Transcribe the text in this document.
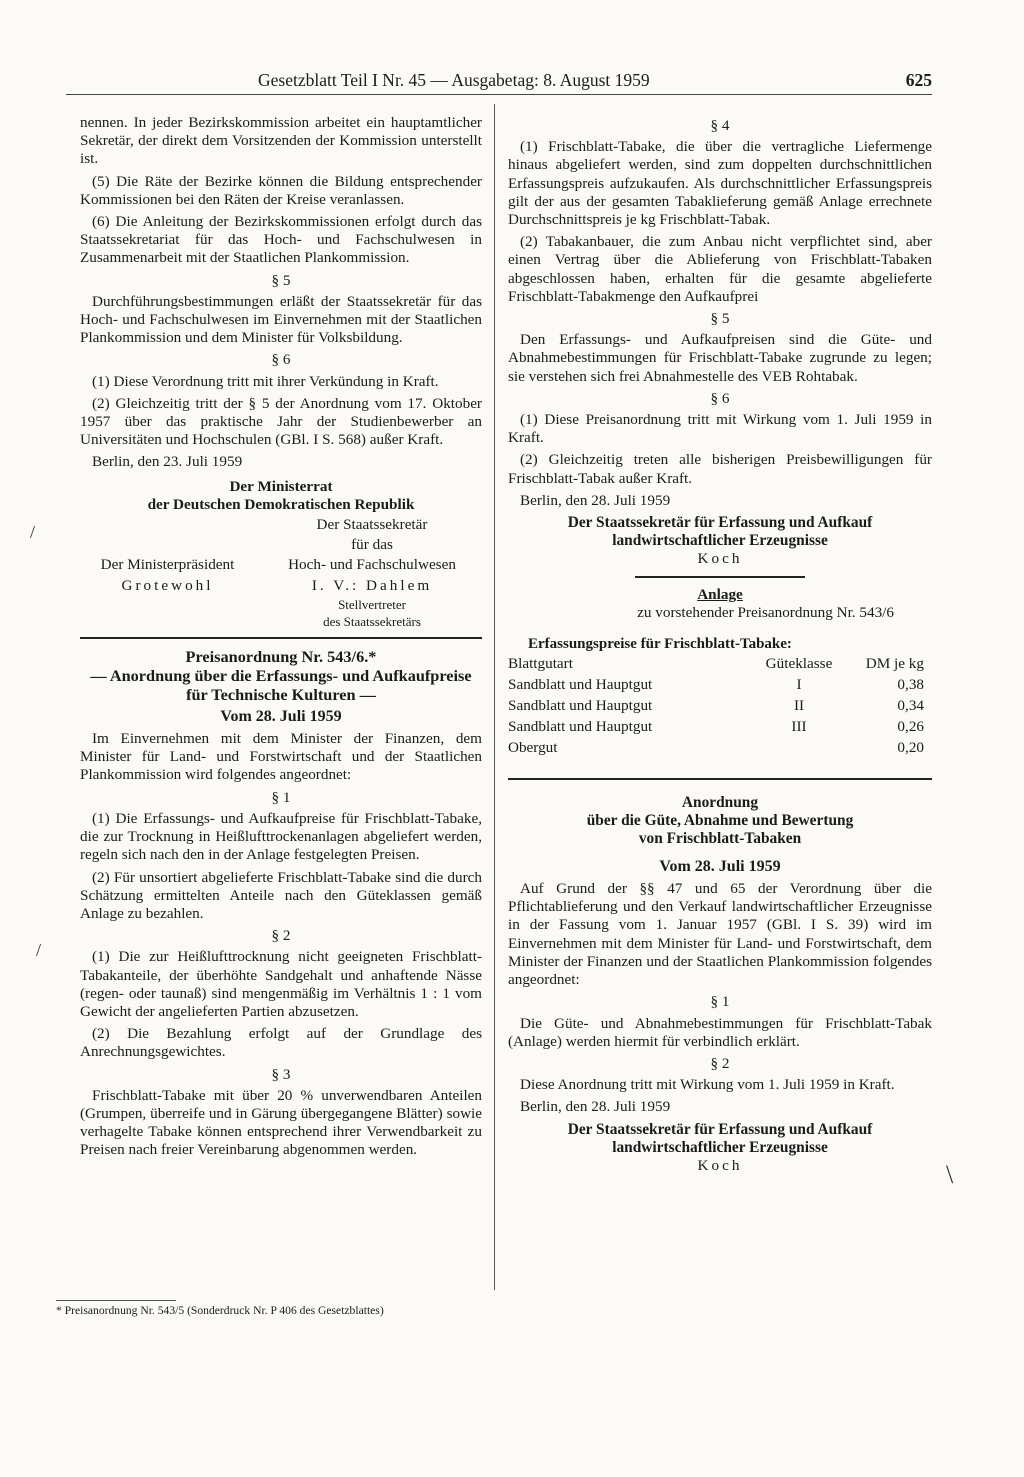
Gesetzblatt Teil I Nr. 45 — Ausgabetag: 8. August 1959	625

nennen. In jeder Bezirkskommission arbeitet ein hauptamtlicher Sekretär, der direkt dem Vorsitzenden der Kommission unterstellt ist.

(5) Die Räte der Bezirke können die Bildung entsprechender Kommissionen bei den Räten der Kreise veranlassen.

(6) Die Anleitung der Bezirkskommissionen erfolgt durch das Staatssekretariat für das Hoch- und Fachschulwesen in Zusammenarbeit mit der Staatlichen Plankommission.

§ 5

Durchführungsbestimmungen erläßt der Staatssekretär für das Hoch- und Fachschulwesen im Einvernehmen mit der Staatlichen Plankommission und dem Minister für Volksbildung.

§ 6

(1) Diese Verordnung tritt mit ihrer Verkündung in Kraft.

(2) Gleichzeitig tritt der § 5 der Anordnung vom 17. Oktober 1957 über das praktische Jahr der Studienbewerber an Universitäten und Hochschulen (GBl. I S. 568) außer Kraft.

Berlin, den 23. Juli 1959

Der Ministerrat
der Deutschen Demokratischen Republik
Der Staatssekretär
für das
Der Ministerpräsident	Hoch- und Fachschulwesen
Grotewohl	I. V.: Dahlem
Stellvertreter
des Staatssekretärs
Preisanordnung Nr. 543/6.*
— Anordnung über die Erfassungs- und Aufkaufpreise für Technische Kulturen —
Vom 28. Juli 1959

Im Einvernehmen mit dem Minister der Finanzen, dem Minister für Land- und Forstwirtschaft und der Staatlichen Plankommission wird folgendes angeordnet:

§ 1

(1) Die Erfassungs- und Aufkaufpreise für Frischblatt-Tabake, die zur Trocknung in Heißlufttrockenanlagen abgeliefert werden, regeln sich nach den in der Anlage festgelegten Preisen.

(2) Für unsortiert abgelieferte Frischblatt-Tabake sind die durch Schätzung ermittelten Anteile nach den Güteklassen gemäß Anlage zu bezahlen.

§ 2

(1) Die zur Heißlufttrocknung nicht geeigneten Frischblatt-Tabakanteile, der überhöhte Sandgehalt und anhaftende Nässe (regen- oder taunaß) sind mengenmäßig im Verhältnis 1 : 1 vom Gewicht der angelieferten Partien abzusetzen.

(2) Die Bezahlung erfolgt auf der Grundlage des Anrechnungsgewichtes.

§ 3

Frischblatt-Tabake mit über 20 % unverwendbaren Anteilen (Grumpen, überreife und in Gärung übergegangene Blätter) sowie verhagelte Tabake können entsprechend ihrer Verwendbarkeit zu Preisen nach freier Vereinbarung abgenommen werden.

* Preisanordnung Nr. 543/5 (Sonderdruck Nr. P 406 des Gesetzblattes)
§ 4

(1) Frischblatt-Tabake, die über die vertragliche Liefermenge hinaus abgeliefert werden, sind zum doppelten durchschnittlichen Erfassungspreis aufzukaufen. Als durchschnittlicher Erfassungspreis gilt der aus der gesamten Tabaklieferung gemäß Anlage errechnete Durchschnittspreis je kg Frischblatt-Tabak.

(2) Tabakanbauer, die zum Anbau nicht verpflichtet sind, aber einen Vertrag über die Ablieferung von Frischblatt-Tabaken abgeschlossen haben, erhalten für die gesamte abgelieferte Frischblatt-Tabakmenge den Aufkaufprei

§ 5

Den Erfassungs- und Aufkaufpreisen sind die Güte- und Abnahmebestimmungen für Frischblatt-Tabake zugrunde zu legen; sie verstehen sich frei Abnahmestelle des VEB Rohtabak.

§ 6

(1) Diese Preisanordnung tritt mit Wirkung vom 1. Juli 1959 in Kraft.

(2) Gleichzeitig treten alle bisherigen Preisbewilligungen für Frischblatt-Tabak außer Kraft.

Berlin, den 28. Juli 1959

Der Staatssekretär für Erfassung und Aufkauf
landwirtschaftlicher Erzeugnisse
Koch
Anlage
zu vorstehender Preisanordnung Nr. 543/6
Erfassungspreise für Frischblatt-Tabake:
Blattgutart	Güteklasse	DM je kg
Sandblatt und Hauptgut	I	0,38
Sandblatt und Hauptgut	II	0,34
Sandblatt und Hauptgut	III	0,26
Obergut		0,20
Anordnung
über die Güte, Abnahme und Bewertung
von Frischblatt-Tabaken
Vom 28. Juli 1959

Auf Grund der §§ 47 und 65 der Verordnung über die Pflichtablieferung und den Verkauf landwirtschaftlicher Erzeugnisse in der Fassung vom 1. Januar 1957 (GBl. I S. 39) wird im Einvernehmen mit dem Minister für Land- und Forstwirtschaft, dem Minister der Finanzen und der Staatlichen Plankommission folgendes angeordnet:

§ 1

Die Güte- und Abnahmebestimmungen für Frischblatt-Tabak (Anlage) werden hiermit für verbindlich erklärt.

§ 2

Diese Anordnung tritt mit Wirkung vom 1. Juli 1959 in Kraft.

Berlin, den 28. Juli 1959

Der Staatssekretär für Erfassung und Aufkauf
landwirtschaftlicher Erzeugnisse
Koch
/
/
\
